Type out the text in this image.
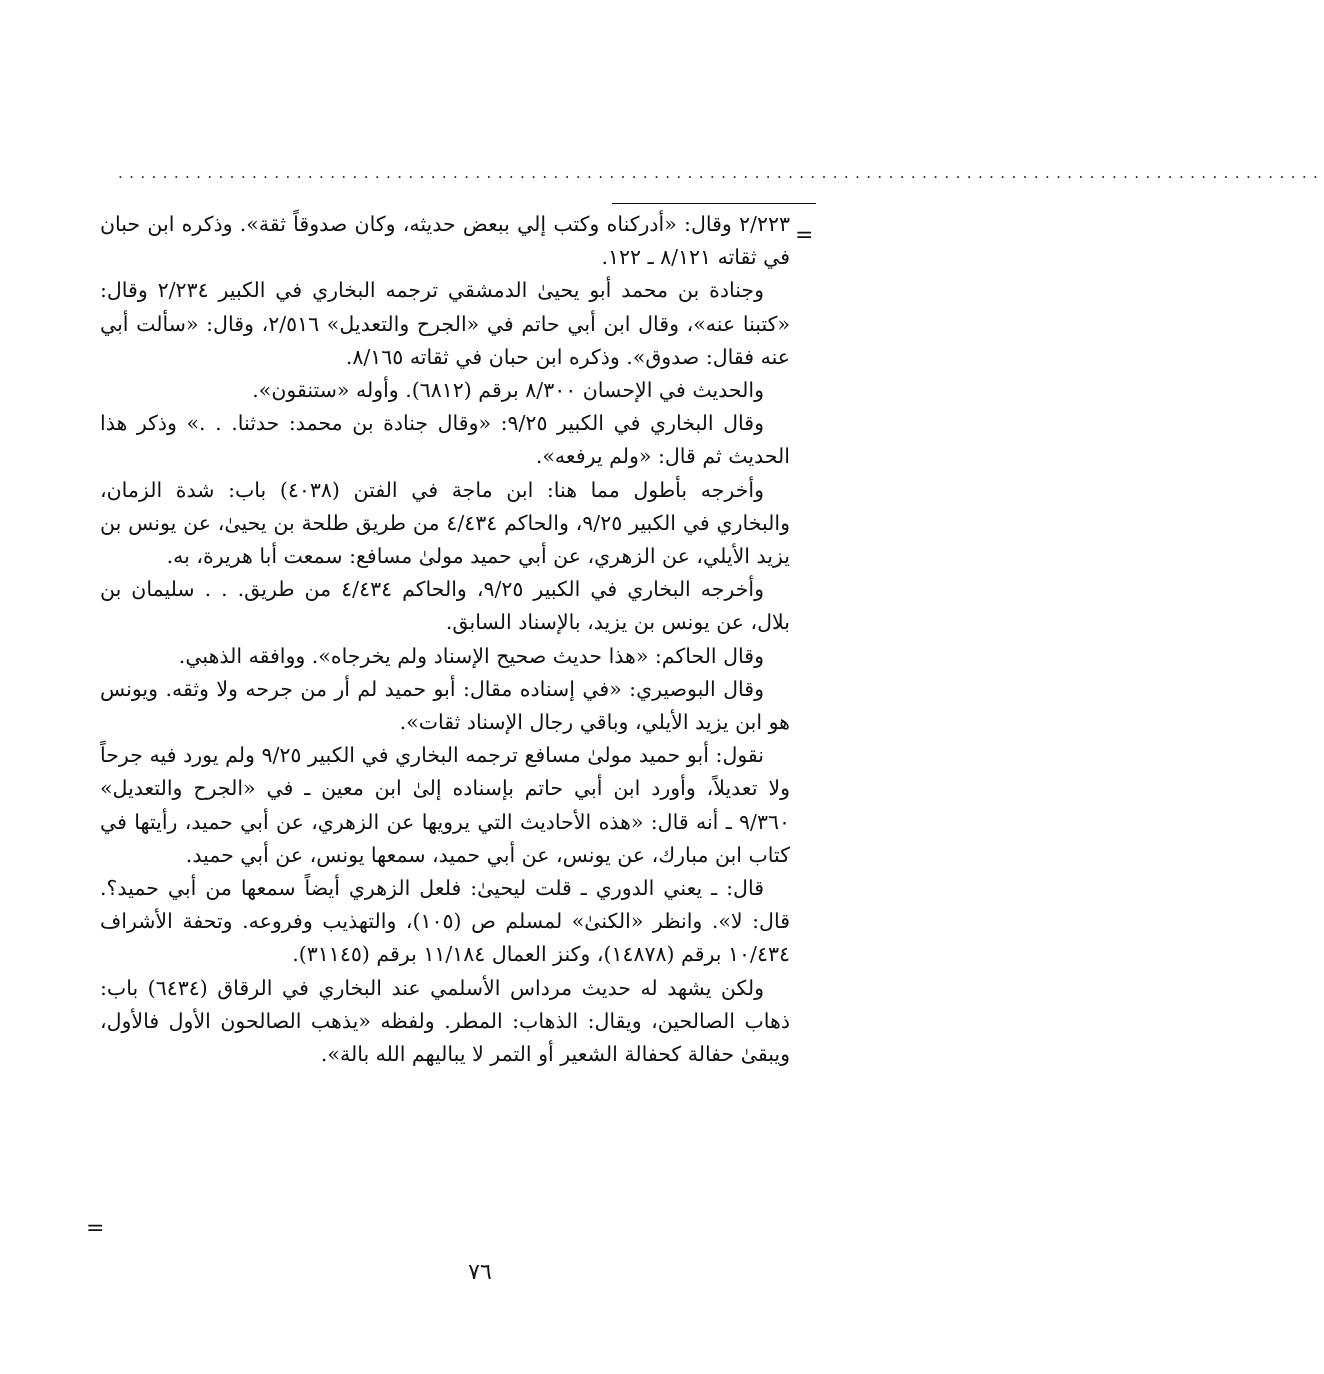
............................................................................................................
=

٢/٢٢٣ وقال: «أدركناه وكتب إلي ببعض حديثه، وكان صدوقاً ثقة». وذكره ابن حبان في ثقاته ٨/١٢١ ـ ١٢٢.

وجنادة بن محمد أبو يحيىٰ الدمشقي ترجمه البخاري في الكبير ٢/٢٣٤ وقال: «كتبنا عنه»، وقال ابن أبي حاتم في «الجرح والتعديل» ٢/٥١٦، وقال: «سألت أبي عنه فقال: صدوق». وذكره ابن حبان في ثقاته ٨/١٦٥.

والحديث في الإحسان ٨/٣٠٠ برقم (٦٨١٢). وأوله «ستنقون».

وقال البخاري في الكبير ٩/٢٥: «وقال جنادة بن محمد: حدثنا. . .» وذكر هذا الحديث ثم قال: «ولم يرفعه».

وأخرجه بأطول مما هنا: ابن ماجة في الفتن (٤٠٣٨) باب: شدة الزمان، والبخاري في الكبير ٩/٢٥، والحاكم ٤/٤٣٤ من طريق طلحة بن يحيىٰ، عن يونس بن يزيد الأيلي، عن الزهري، عن أبي حميد مولىٰ مسافع: سمعت أبا هريرة، به.

وأخرجه البخاري في الكبير ٩/٢٥، والحاكم ٤/٤٣٤ من طريق. . . سليمان بن بلال، عن يونس بن يزيد، بالإسناد السابق.

وقال الحاكم: «هذا حديث صحيح الإسناد ولم يخرجاه». ووافقه الذهبي.

وقال البوصيري: «في إسناده مقال: أبو حميد لم أر من جرحه ولا وثقه. ويونس هو ابن يزيد الأيلي، وباقي رجال الإسناد ثقات».

نقول: أبو حميد مولىٰ مسافع ترجمه البخاري في الكبير ٩/٢٥ ولم يورد فيه جرحاً ولا تعديلاً، وأورد ابن أبي حاتم بإسناده إلىٰ ابن معين ـ في «الجرح والتعديل» ٩/٣٦٠ ـ أنه قال: «هذه الأحاديث التي يرويها عن الزهري، عن أبي حميد، رأيتها في كتاب ابن مبارك، عن يونس، عن أبي حميد، سمعها يونس، عن أبي حميد.

قال: ـ يعني الدوري ـ قلت ليحيىٰ: فلعل الزهري أيضاً سمعها من أبي حميد؟. قال: لا». وانظر «الكنىٰ» لمسلم ص (١٠٥)، والتهذيب وفروعه. وتحفة الأشراف ١٠/٤٣٤ برقم (١٤٨٧٨)، وكنز العمال ١١/١٨٤ برقم (٣١١٤٥).

ولكن يشهد له حديث مرداس الأسلمي عند البخاري في الرقاق (٦٤٣٤) باب: ذهاب الصالحين، ويقال: الذهاب: المطر. ولفظه «يذهب الصالحون الأول فالأول، ويبقىٰ حفالة كحفالة الشعير أو التمر لا يباليهم الله بالة».

=
٧٦
